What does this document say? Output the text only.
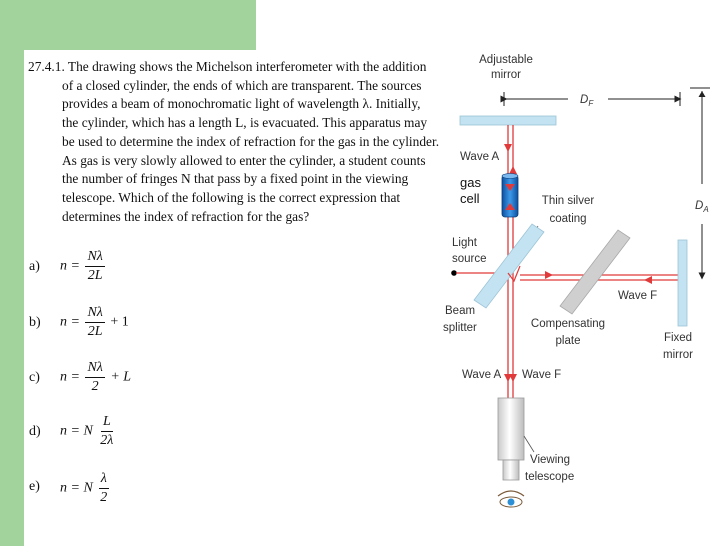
27.4.1. The drawing shows the Michelson interferometer with the addition of a closed cylinder, the ends of which are transparent. The sources provides a beam of monochromatic light of wavelength λ. Initially, the cylinder, which has a length L, is evacuated. This apparatus may be used to determine the index of refraction for the gas in the cylinder. As gas is very slowly allowed to enter the cylinder, a student counts the number of fringes N that pass by a fixed point in the viewing telescope. Which of the following is the correct expression that determines the index of refraction for the gas?

a) $n = \frac{N\lambda}{2L}$
b) $n = \frac{N\lambda}{2L} + 1$
c) $n = \frac{N\lambda}{2} + L$
d) n = N $\frac{L}{2\lambda}$
e) n = N $\frac{\lambda}{2}$
Adjustable
mirror
$D_F$
$D_A$
Wave A
gas
cell	Thin silver
coating
Light
source
Compensating
plate
Wave F
Fixed
mirror
Beam
splitter
Wave A Wave F
Viewing
telescope
